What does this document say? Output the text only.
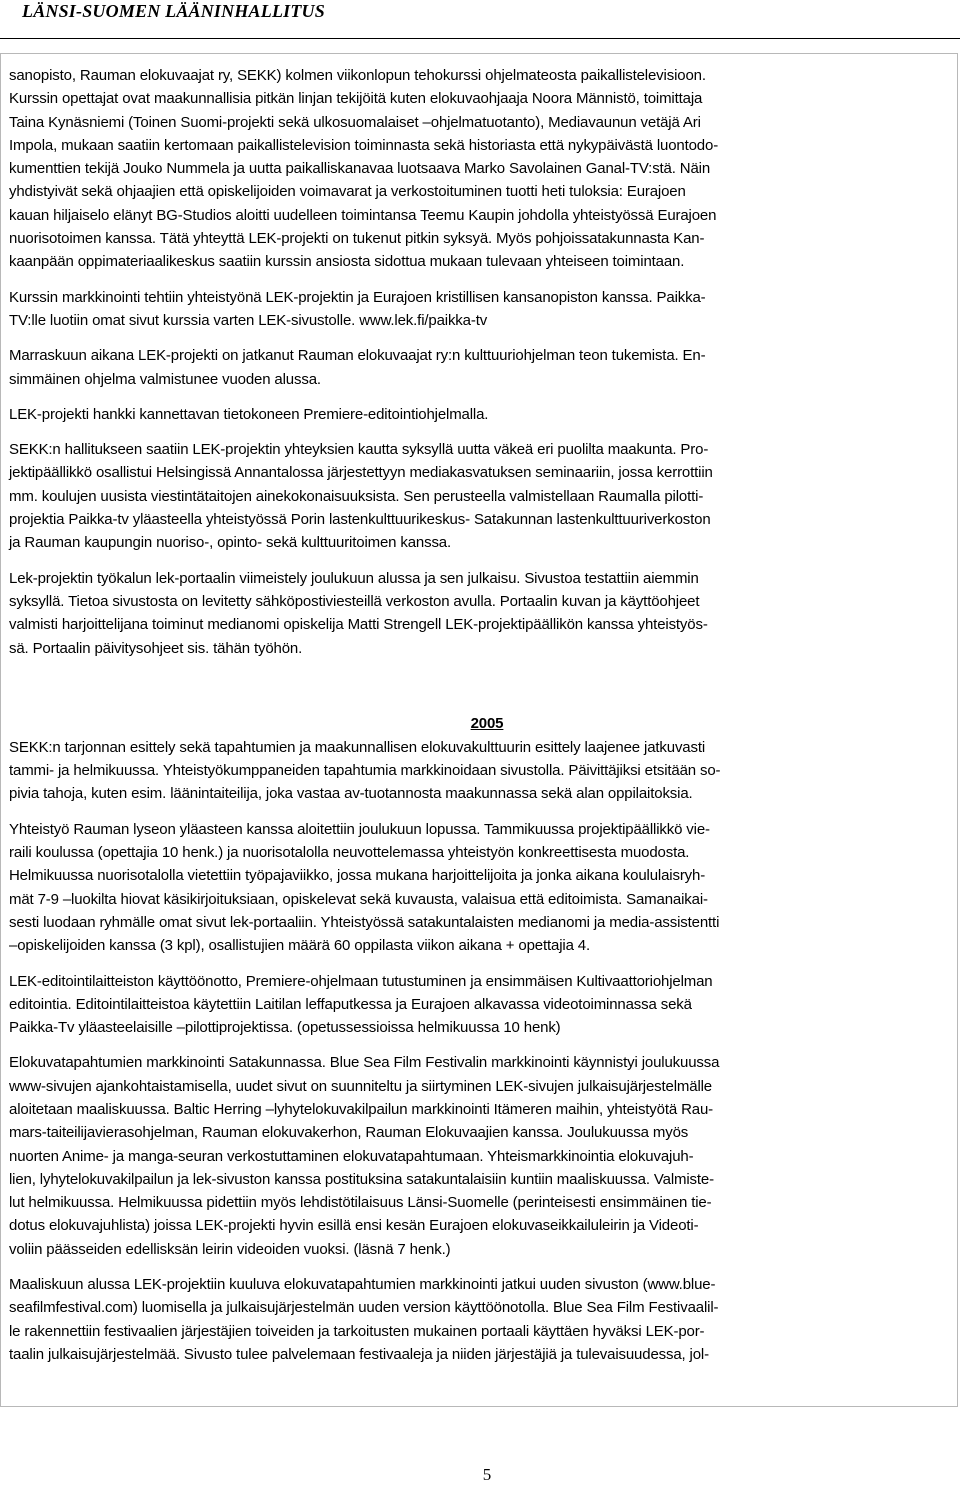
LÄNSI-SUOMEN LÄÄNINHALLITUS
sanopisto, Rauman elokuvaajat ry, SEKK) kolmen viikonlopun tehokurssi ohjelmateosta paikallistelevisioon.
Kurssin opettajat ovat maakunnallisia pitkän linjan tekijöitä kuten elokuvaohjaaja Noora Männistö, toimittaja
Taina Kynäsniemi (Toinen Suomi-projekti sekä ulkosuomalaiset –ohjelmatuotanto), Mediavaunun vetäjä Ari
Impola, mukaan saatiin kertomaan paikallistelevision toiminnasta sekä historiasta että nykypäivästä luontodo-
kumenttien tekijä Jouko Nummela ja uutta paikalliskanavaa luotsaava Marko Savolainen Ganal-TV:stä. Näin
yhdistyivät sekä ohjaajien että opiskelijoiden voimavarat ja verkostoituminen tuotti heti tuloksia: Eurajoen
kauan hiljaiselo elänyt BG-Studios aloitti uudelleen toimintansa Teemu Kaupin johdolla yhteistyössä Eurajoen
nuorisotoimen kanssa. Tätä yhteyttä LEK-projekti on tukenut pitkin syksyä. Myös pohjoissatakunnasta Kan-
kaanpään oppimateriaalikeskus saatiin kurssin ansiosta sidottua mukaan tulevaan yhteiseen toimintaan.
Kurssin markkinointi tehtiin yhteistyönä LEK-projektin ja Eurajoen kristillisen kansanopiston kanssa. Paikka-
TV:lle luotiin omat sivut kurssia varten LEK-sivustolle. www.lek.fi/paikka-tv
Marraskuun aikana LEK-projekti on jatkanut Rauman elokuvaajat ry:n kulttuuriohjelman teon tukemista. En-
simmäinen ohjelma valmistunee vuoden alussa.
LEK-projekti hankki kannettavan tietokoneen Premiere-editointiohjelmalla.
SEKK:n hallitukseen saatiin LEK-projektin yhteyksien kautta syksyllä uutta väkeä eri puolilta maakunta. Pro-
jektipäällikkö osallistui Helsingissä Annantalossa järjestettyyn mediakasvatuksen seminaariin, jossa kerrottiin
mm. koulujen uusista viestintätaitojen ainekokonaisuuksista. Sen perusteella valmistellaan Raumalla pilotti-
projektia Paikka-tv yläasteella yhteistyössä Porin lastenkulttuurikeskus- Satakunnan lastenkulttuuriverkoston
ja Rauman kaupungin nuoriso-, opinto- sekä kulttuuritoimen kanssa.
Lek-projektin työkalun lek-portaalin viimeistely joulukuun alussa ja sen julkaisu. Sivustoa testattiin aiemmin
syksyllä. Tietoa sivustosta on levitetty sähköpostiviesteillä verkoston avulla. Portaalin kuvan ja käyttöohjeet
valmisti harjoittelijana toiminut medianomi opiskelija Matti Strengell LEK-projektipäällikön kanssa yhteistyös-
sä. Portaalin päivitysohjeet sis. tähän työhön.
2005
SEKK:n tarjonnan esittely sekä tapahtumien ja maakunnallisen elokuvakulttuurin esittely laajenee jatkuvasti
tammi- ja helmikuussa. Yhteistyökumppaneiden tapahtumia markkinoidaan sivustolla. Päivittäjiksi etsitään so-
pivia tahoja, kuten esim. läänintaiteilija, joka vastaa av-tuotannosta maakunnassa sekä alan oppilaitoksia.
Yhteistyö Rauman lyseon yläasteen kanssa aloitettiin joulukuun lopussa. Tammikuussa projektipäällikkö vie-
raili koulussa (opettajia 10 henk.) ja nuorisotalolla neuvottelemassa yhteistyön konkreettisesta muodosta.
Helmikuussa nuorisotalolla vietettiin työpajaviikko, jossa mukana harjoittelijoita ja jonka aikana koululaisryh-
mät 7-9 –luokilta hiovat käsikirjoituksiaan, opiskelevat sekä kuvausta, valaisua että editoimista. Samanaikai-
sesti luodaan ryhmälle omat sivut lek-portaaliin. Yhteistyössä satakuntalaisten medianomi ja media-assistentti
–opiskelijoiden kanssa (3 kpl), osallistujien määrä 60 oppilasta viikon aikana + opettajia 4.
LEK-editointilaitteiston käyttöönotto, Premiere-ohjelmaan tutustuminen ja ensimmäisen Kultivaattoriohjelman
editointia. Editointilaitteistoa käytettiin Laitilan leffaputkessa ja Eurajoen alkavassa videotoiminnassa sekä
Paikka-Tv yläasteelaisille –pilottiprojektissa. (opetussessioissa helmikuussa 10 henk)
Elokuvatapahtumien markkinointi Satakunnassa. Blue Sea Film Festivalin markkinointi käynnistyi joulukuussa
www-sivujen ajankohtaistamisella, uudet sivut on suunniteltu ja siirtyminen LEK-sivujen julkaisujärjestelmälle
aloitetaan maaliskuussa. Baltic Herring –lyhytelokuvakilpailun markkinointi Itämeren maihin, yhteistyötä Rau-
mars-taiteilijavierasohjelman, Rauman elokuvakerhon, Rauman Elokuvaajien kanssa. Joulukuussa myös
nuorten Anime- ja manga-seuran verkostuttaminen elokuvatapahtumaan. Yhteismarkkinointia elokuvajuh-
lien, lyhytelokuvakilpailun ja lek-sivuston kanssa postituksina satakuntalaisiin kuntiin maaliskuussa. Valmiste-
lut helmikuussa. Helmikuussa pidettiin myös lehdistötilaisuus Länsi-Suomelle (perinteisesti ensimmäinen tie-
dotus elokuvajuhlista) joissa LEK-projekti hyvin esillä ensi kesän Eurajoen elokuvaseikkailuleirin ja Videoti-
voliin päässeiden edellisksän leirin videoiden vuoksi. (läsnä 7 henk.)
Maaliskuun alussa LEK-projektiin kuuluva elokuvatapahtumien markkinointi jatkui uuden sivuston (www.blue-
seafilmfestival.com) luomisella ja julkaisujärjestelmän uuden version käyttöönotolla. Blue Sea Film Festivaalil-
le rakennettiin festivaalien järjestäjien toiveiden ja tarkoitusten mukainen portaali käyttäen hyväksi LEK-por-
taalin julkaisujärjestelmää. Sivusto tulee palvelemaan festivaaleja ja niiden järjestäjiä ja tulevaisuudessa, jol-
5
